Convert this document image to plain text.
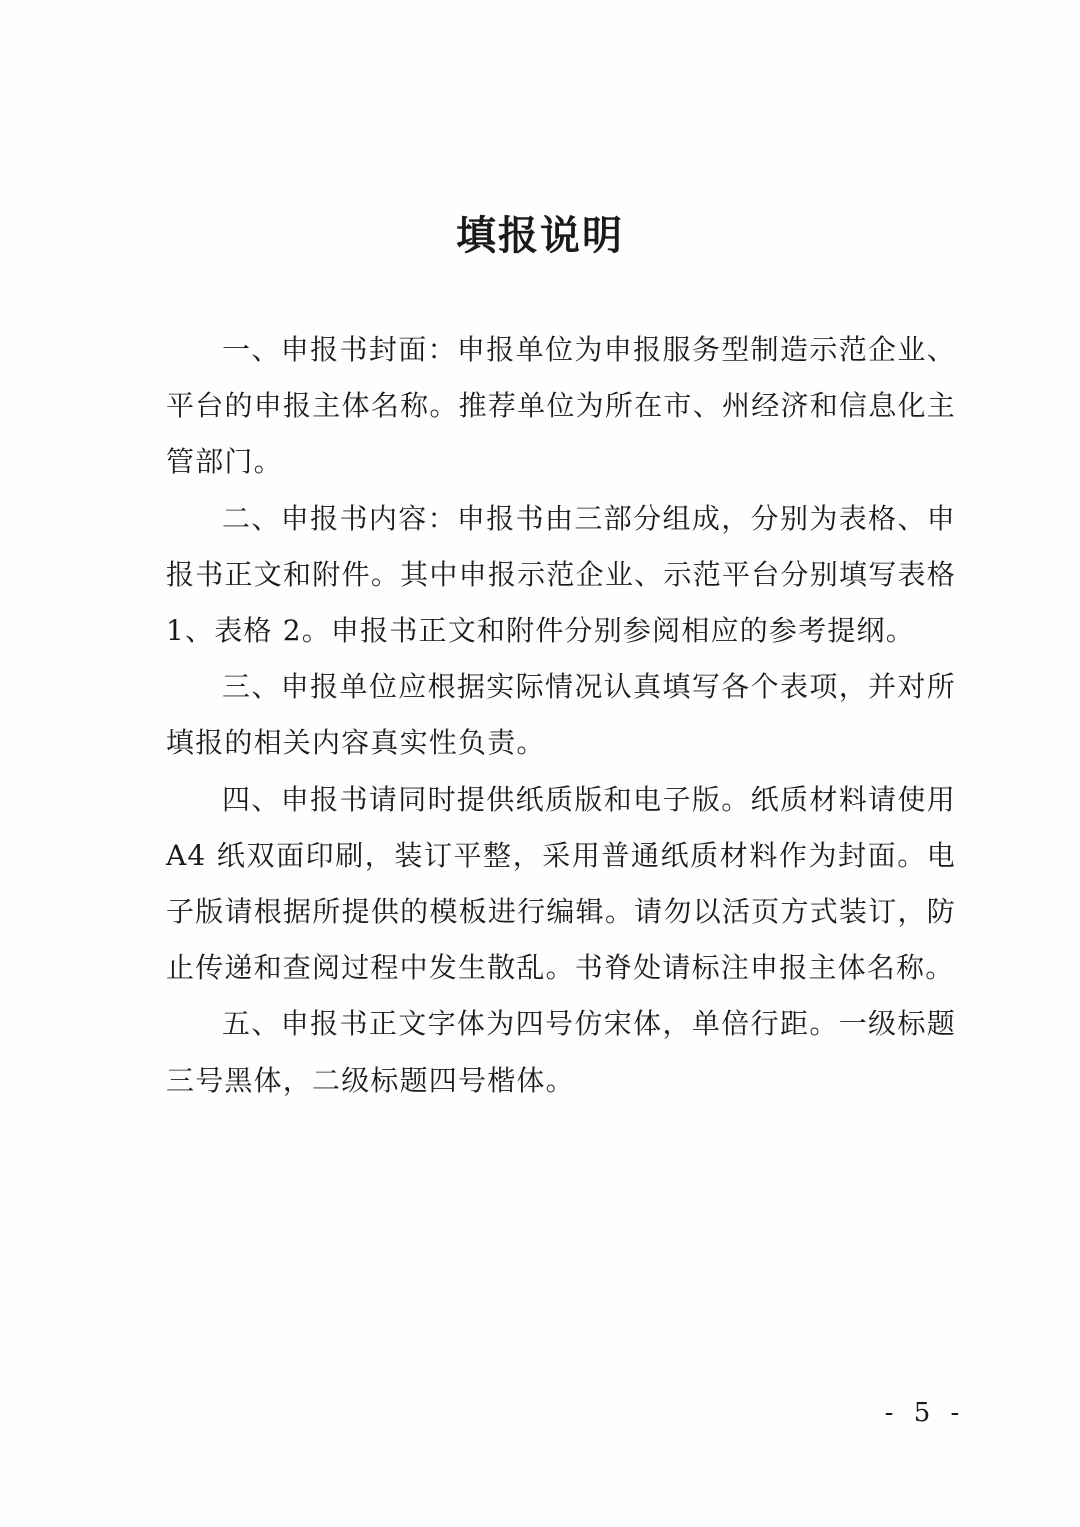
填报说明

一、申报书封面：申报单位为申报服务型制造示范企业、平台的申报主体名称。推荐单位为所在市、州经济和信息化主管部门。

二、申报书内容：申报书由三部分组成，分别为表格、申报书正文和附件。其中申报示范企业、示范平台分别填写表格 1、表格 2。申报书正文和附件分别参阅相应的参考提纲。

三、申报单位应根据实际情况认真填写各个表项，并对所填报的相关内容真实性负责。

四、申报书请同时提供纸质版和电子版。纸质材料请使用 A4 纸双面印刷，装订平整，采用普通纸质材料作为封面。电子版请根据所提供的模板进行编辑。请勿以活页方式装订，防止传递和查阅过程中发生散乱。书脊处请标注申报主体名称。

五、申报书正文字体为四号仿宋体，单倍行距。一级标题三号黑体，二级标题四号楷体。

- 5 -
